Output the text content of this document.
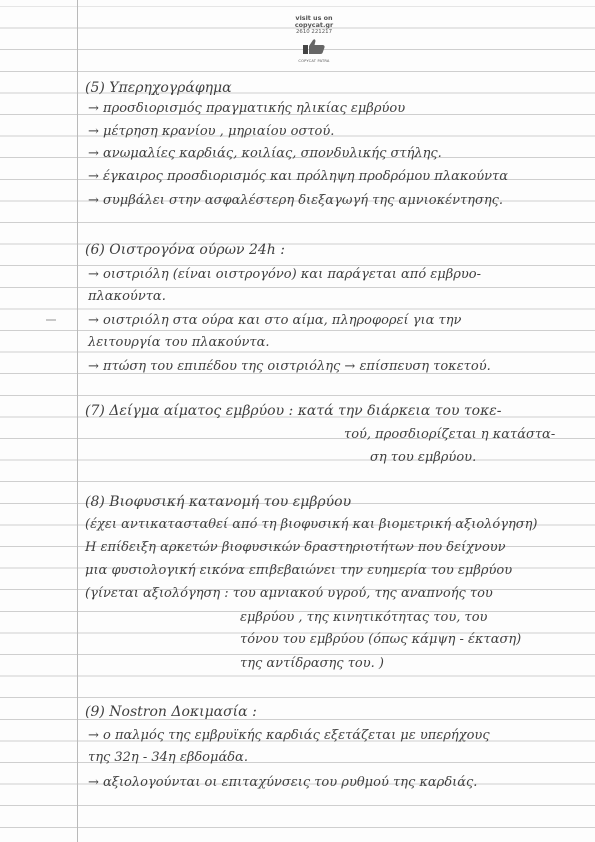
visit us on
copycat.gr
2610 221217
COPYCAT PATRA
(5) Υπερηχογράφημα
→ προσδιορισμός πραγματικής ηλικίας εμβρύου
→ μέτρηση κρανίου , μηριαίου οστού.
→ ανωμαλίες καρδιάς, κοιλίας, σπονδυλικής στήλης.
→ έγκαιρος προσδιορισμός και πρόληψη προδρόμου πλακούντα
→ συμβάλει στην ασφαλέστερη διεξαγωγή της αμνιοκέντησης.
(6) Οιστρογόνα ούρων 24h :
→ οιστριόλη (είναι οιστρογόνο) και παράγεται από εμβρυο-
πλακούντα.
→ οιστριόλη στα ούρα και στο αίμα, πληροφορεί για την
λειτουργία του πλακούντα.
→ πτώση του επιπέδου της οιστριόλης → επίσπευση τοκετού.
(7) Δείγμα αίματος εμβρύου : κατά την διάρκεια του τοκε-
τού, προσδιορίζεται η κατάστα-
ση του εμβρύου.
(8) Βιοφυσική κατανομή του εμβρύου
(έχει αντικατασταθεί από τη βιοφυσική και βιομετρική αξιολόγηση)
Η επίδειξη αρκετών βιοφυσικών δραστηριοτήτων που δείχνουν
μια φυσιολογική εικόνα επιβεβαιώνει την ευημερία του εμβρύου
(γίνεται αξιολόγηση : του αμνιακού υγρού, της αναπνοής του
εμβρύου , της κινητικότητας του, του
τόνου του εμβρύου (όπως κάμψη - έκταση)
της αντίδρασης του. )
(9) Nostron Δοκιμασία :
→ ο παλμός της εμβρυϊκής καρδιάς εξετάζεται με υπερήχους
της 32η - 34η εβδομάδα.
→ αξιολογούνται οι επιταχύνσεις του ρυθμού της καρδιάς.
